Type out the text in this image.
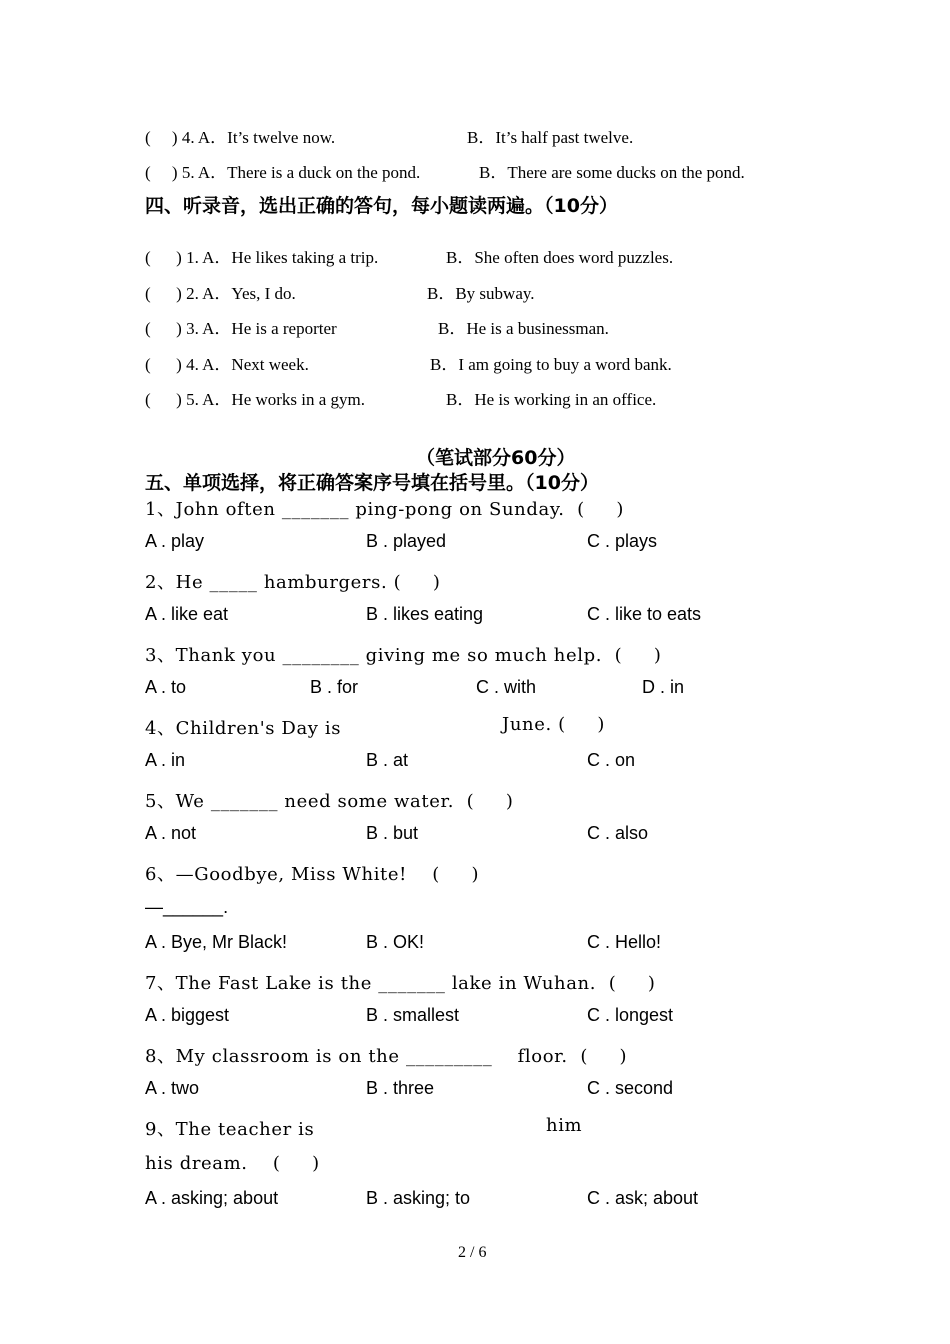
(     ) 4. A．It’s twelve now.	B．It’s half past twelve.
(     ) 5. A．There is a duck on the pond.	B．There are some ducks on the pond.
四、听录音，选出正确的答句，每小题读两遍。（10分）
(      ) 1. A．He likes taking a trip.	B．She often does word puzzles.
(      ) 2. A．Yes, I do.	B．By subway.
(      ) 3. A．He is a reporter	B．He is a businessman.
(      ) 4. A．Next week.	B．I am going to buy a word bank.
(      ) 5. A．He works in a gym.	B．He is working in an office.
（笔试部分60分）
五、单项选择，将正确答案序号填在括号里。（10分）
1、John often _______ ping-pong on Sunday.  (     )
A . play	B . played	C . plays
2、He _____ hamburgers. (     )
A . like eat	B . likes eating	C . like to eats
3、Thank you ________ giving me so much help.  (     )
A . to	B . for	C . with	D . in
4、Children's Day is	June. (     )
A . in	B . at	C . on
5、We _______ need some water.  (     )
A . not	B . but	C . also
6、—Goodbye, Miss White!    (     )
—______.
A . Bye, Mr Black!	B . OK!	C . Hello!
7、The Fast Lake is the _______ lake in Wuhan.  (     )
A . biggest	B . smallest	C . longest
8、My classroom is on the _________    floor.  (     )
A . two	B . three	C . second
9、The teacher is	him
his dream.    (     )
A . asking; about	B . asking; to	C . ask; about
2 / 6
